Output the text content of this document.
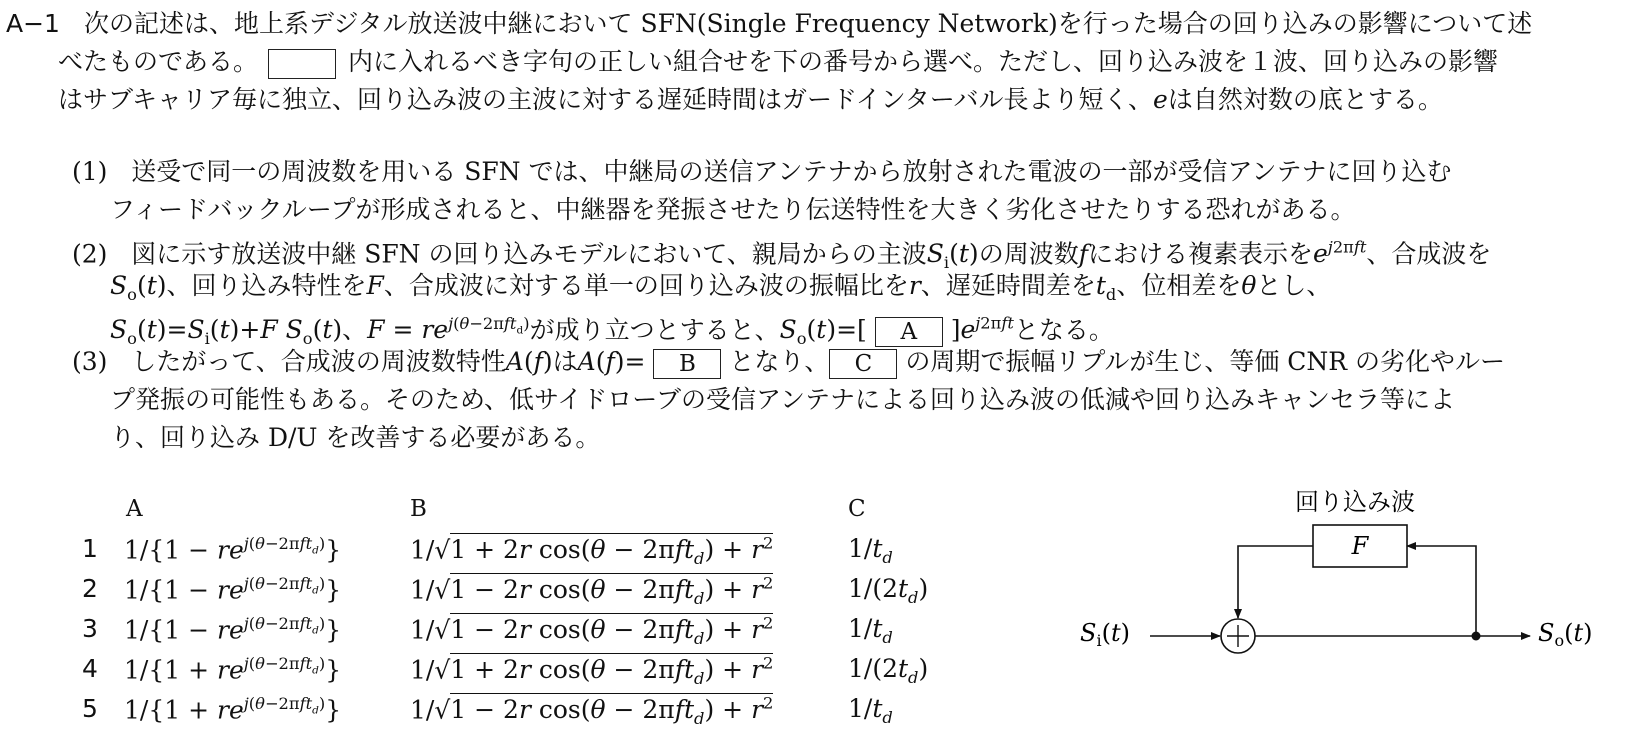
A−1 次の記述は、地上系デジタル放送波中継において SFN(Single Frequency Network)を行った場合の回り込みの影響について述
べたものである。	内に入れるべき字句の正しい組合せを下の番号から選べ。ただし、回り込み波を１波、回り込みの影響
はサブキャリア毎に独立、回り込み波の主波に対する遅延時間はガードインターバル長より短く、eは自然対数の底とする。
(1) 送受で同一の周波数を用いる SFN では、中継局の送信アンテナから放射された電波の一部が受信アンテナに回り込む
フィードバックループが形成されると、中継器を発振させたり伝送特性を大きく劣化させたりする恐れがある。
(2) 図に示す放送波中継 SFN の回り込みモデルにおいて、親局からの主波$S_i(t)$の周波数fにおける複素表示を$e^{j2\pi ft}$、合成波を
$S_o(t)$、回り込み特性をF、合成波に対する単一の回り込み波の振幅比をr、遅延時間差を$t_d$、位相差をθとし、
$S_o(t)=S_i(t)+F$ $S_o(t)$、$F = re^{j(\theta-2\pi ft_d)}$が成り立つとすると、$S_o(t)=$[ A ]$e^{j2\pi ft}$となる。
(3) したがって、合成波の周波数特性A(f)はA(f)= B となり、 C の周期で振幅リプルが生じ、等価 CNR の劣化やルー
プ発振の可能性もある。そのため、低サイドローブの受信アンテナによる回り込み波の低減や回り込みキャンセラ等によ
り、回り込み D/U を改善する必要がある。
A	B	C
1 $1/\{1 - re^{j(\theta-2\pi ft_d)}\}$	1/√1 + 2r $\cos(\theta - 2\pi ft_d) + r^2$	$1/t_d$
2 $1/\{1 - re^{j(\theta-2\pi ft_d)}\}$	1/√1 − 2r $\cos(\theta - 2\pi ft_d) + r^2$	$1/(2t_d)$
3 $1/\{1 - re^{j(\theta-2\pi ft_d)}\}$	1/√1 − 2r $\cos(\theta - 2\pi ft_d) + r^2$	$1/t_d$
4 $1/\{1 + re^{j(\theta-2\pi ft_d)}\}$	1/√1 + 2r $\cos(\theta - 2\pi ft_d) + r^2$	$1/(2t_d)$
5 $1/\{1 + re^{j(\theta-2\pi ft_d)}\}$	1/√1 − 2r $\cos(\theta - 2\pi ft_d) + r^2$	$1/t_d$
回り込み波
F
$S_i(t)$	$S_o(t)$
